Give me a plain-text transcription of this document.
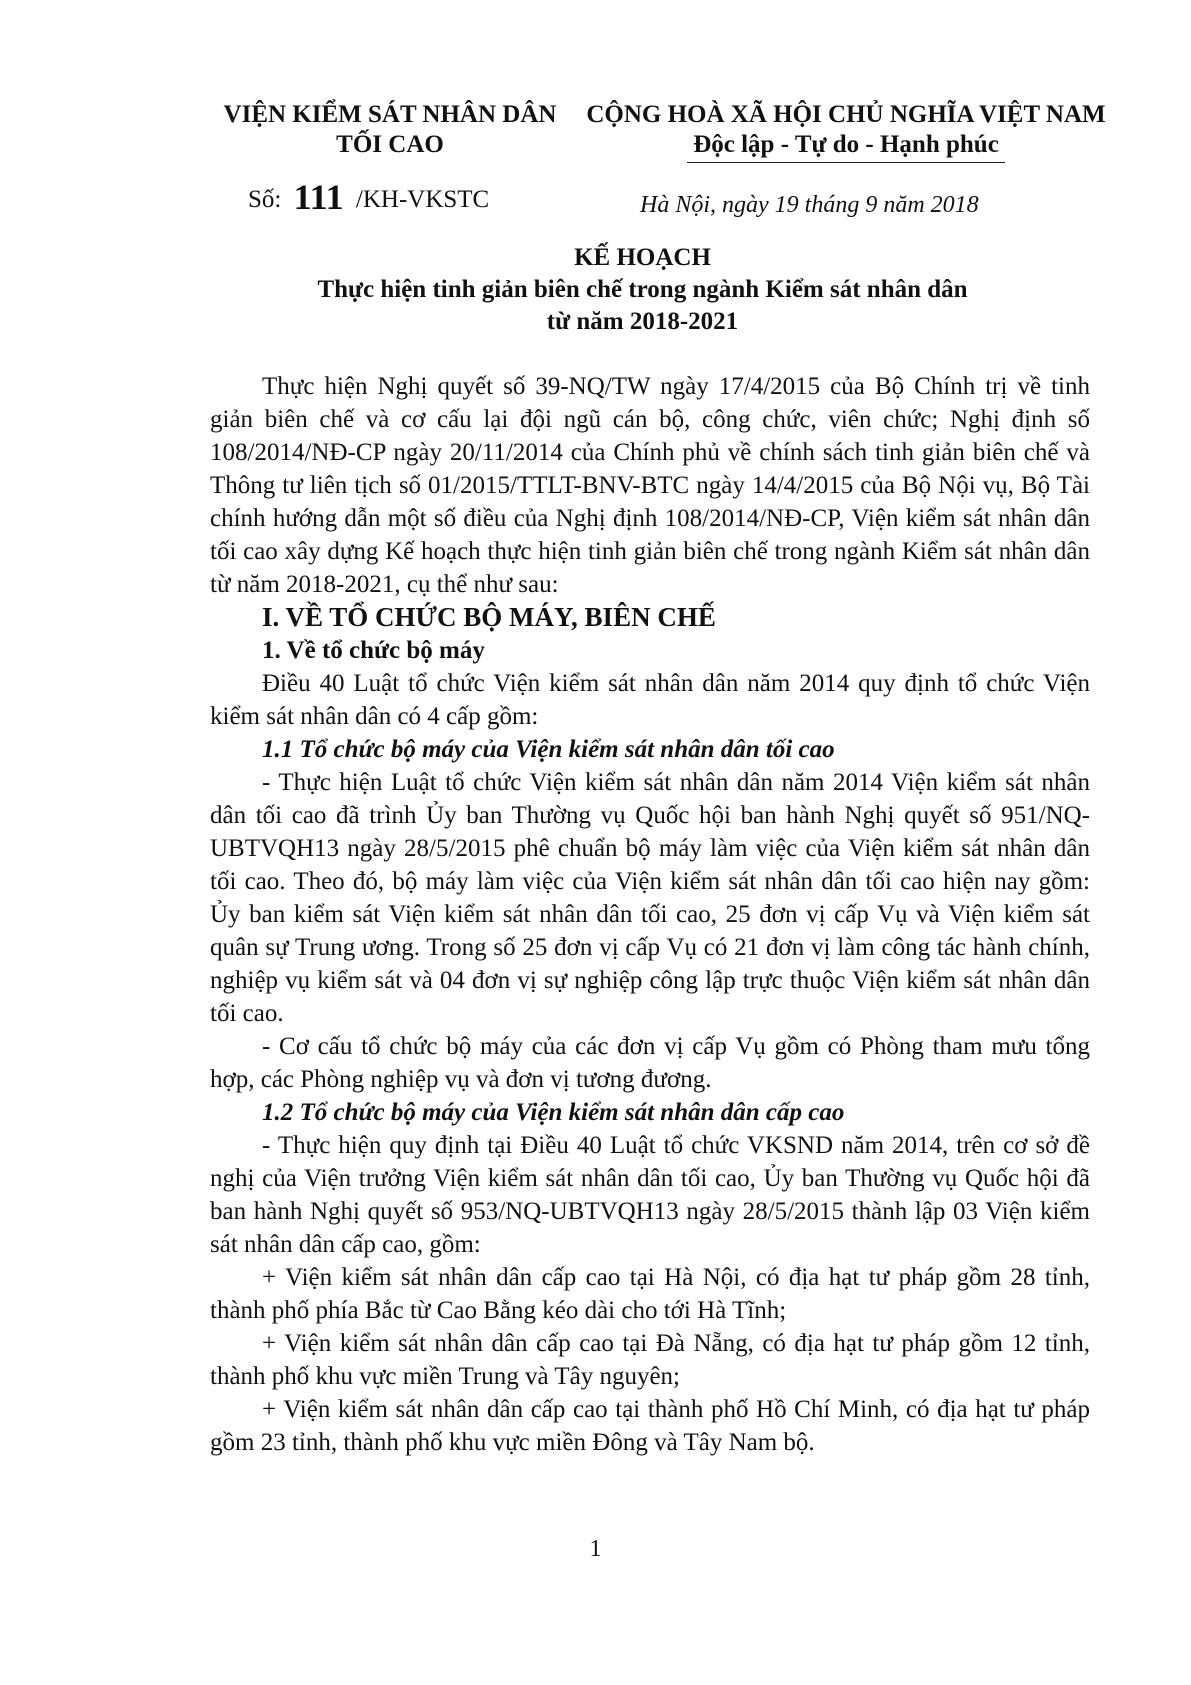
VIỆN KIỂM SÁT NHÂN DÂN
TỐI CAO
CỘNG HOÀ XÃ HỘI CHỦ NGHĨA VIỆT NAM
Độc lập - Tự do - Hạnh phúc
Số: 111 /KH-VKSTC	Hà Nội, ngày 19 tháng 9 năm 2018
KẾ HOẠCH
Thực hiện tinh giản biên chế trong ngành Kiểm sát nhân dân
từ năm 2018-2021

Thực hiện Nghị quyết số 39-NQ/TW ngày 17/4/2015 của Bộ Chính trị về tinh giản biên chế và cơ cấu lại đội ngũ cán bộ, công chức, viên chức; Nghị định số 108/2014/NĐ-CP ngày 20/11/2014 của Chính phủ về chính sách tinh giản biên chế và Thông tư liên tịch số 01/2015/TTLT-BNV-BTC ngày 14/4/2015 của Bộ Nội vụ, Bộ Tài chính hướng dẫn một số điều của Nghị định 108/2014/NĐ-CP, Viện kiểm sát nhân dân tối cao xây dựng Kế hoạch thực hiện tinh giản biên chế trong ngành Kiểm sát nhân dân từ năm 2018-2021, cụ thể như sau:

I. VỀ TỔ CHỨC BỘ MÁY, BIÊN CHẾ

1. Về tổ chức bộ máy

Điều 40 Luật tổ chức Viện kiểm sát nhân dân năm 2014 quy định tổ chức Viện kiểm sát nhân dân có 4 cấp gồm:

1.1 Tổ chức bộ máy của Viện kiểm sát nhân dân tối cao

- Thực hiện Luật tổ chức Viện kiểm sát nhân dân năm 2014 Viện kiểm sát nhân dân tối cao đã trình Ủy ban Thường vụ Quốc hội ban hành Nghị quyết số 951/NQ-UBTVQH13 ngày 28/5/2015 phê chuẩn bộ máy làm việc của Viện kiểm sát nhân dân tối cao. Theo đó, bộ máy làm việc của Viện kiểm sát nhân dân tối cao hiện nay gồm: Ủy ban kiểm sát Viện kiểm sát nhân dân tối cao, 25 đơn vị cấp Vụ và Viện kiểm sát quân sự Trung ương. Trong số 25 đơn vị cấp Vụ có 21 đơn vị làm công tác hành chính, nghiệp vụ kiểm sát và 04 đơn vị sự nghiệp công lập trực thuộc Viện kiểm sát nhân dân tối cao.

- Cơ cấu tổ chức bộ máy của các đơn vị cấp Vụ gồm có Phòng tham mưu tổng hợp, các Phòng nghiệp vụ và đơn vị tương đương.

1.2 Tổ chức bộ máy của Viện kiểm sát nhân dân cấp cao

- Thực hiện quy định tại Điều 40 Luật tổ chức VKSND năm 2014, trên cơ sở đề nghị của Viện trưởng Viện kiểm sát nhân dân tối cao, Ủy ban Thường vụ Quốc hội đã ban hành Nghị quyết số 953/NQ-UBTVQH13 ngày 28/5/2015 thành lập 03 Viện kiểm sát nhân dân cấp cao, gồm:

+ Viện kiểm sát nhân dân cấp cao tại Hà Nội, có địa hạt tư pháp gồm 28 tỉnh, thành phố phía Bắc từ Cao Bằng kéo dài cho tới Hà Tĩnh;

+ Viện kiểm sát nhân dân cấp cao tại Đà Nẵng, có địa hạt tư pháp gồm 12 tỉnh, thành phố khu vực miền Trung và Tây nguyên;

+ Viện kiểm sát nhân dân cấp cao tại thành phố Hồ Chí Minh, có địa hạt tư pháp gồm 23 tỉnh, thành phố khu vực miền Đông và Tây Nam bộ.

1
